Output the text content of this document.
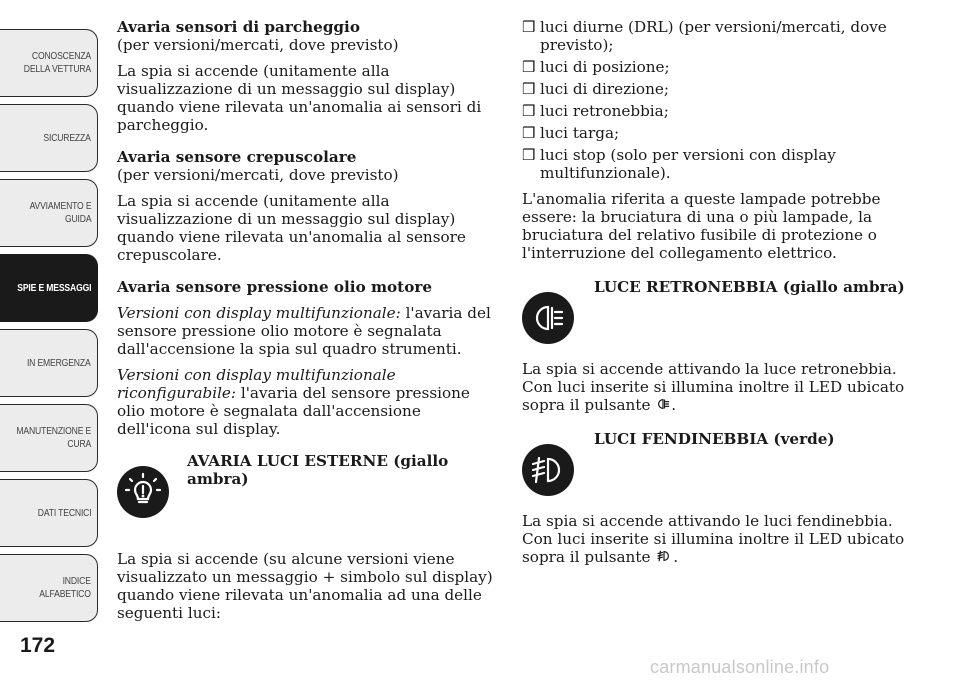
CONOSCENZA
DELLA VETTURA
SICUREZZA
AVVIAMENTO E
GUIDA
SPIE E MESSAGGI
IN EMERGENZA
MANUTENZIONE E
CURA
DATI TECNICI
INDICE
ALFABETICO
172

Avaria sensori di parcheggio

(per versioni/mercati, dove previsto)

La spia si accende (unitamente alla visualizzazione di un messaggio sul display) quando viene rilevata un'anomalia ai sensori di parcheggio.

Avaria sensore crepuscolare

(per versioni/mercati, dove previsto)

La spia si accende (unitamente alla visualizzazione di un messaggio sul display) quando viene rilevata un'anomalia al sensore crepuscolare.

Avaria sensore pressione olio motore

Versioni con display multifunzionale: l'avaria del sensore pressione olio motore è segnalata dall'accensione la spia sul quadro strumenti.

Versioni con display multifunzionale riconfigurabile: l'avaria del sensore pressione olio motore è segnalata dall'accensione dell'icona sul display.

AVARIA LUCI ESTERNE (giallo ambra)

La spia si accende (su alcune versioni viene visualizzato un messaggio + simbolo sul display) quando viene rilevata un'anomalia ad una delle seguenti luci:

❒ luci diurne (DRL) (per versioni/mercati, dove previsto);

❒ luci di posizione;

❒ luci di direzione;

❒ luci retronebbia;

❒ luci targa;

❒ luci stop (solo per versioni con display multifunzionale).

L'anomalia riferita a queste lampade potrebbe essere: la bruciatura di una o più lampade, la bruciatura del relativo fusibile di protezione o l'interruzione del collegamento elettrico.

LUCE RETRONEBBIA (giallo ambra)

La spia si accende attivando la luce retronebbia. Con luci inserite si illumina inoltre il LED ubicato sopra il pulsante .

LUCI FENDINEBBIA (verde)

La spia si accende attivando le luci fendinebbia. Con luci inserite si illumina inoltre il LED ubicato sopra il pulsante .

carmanualsonline.info
